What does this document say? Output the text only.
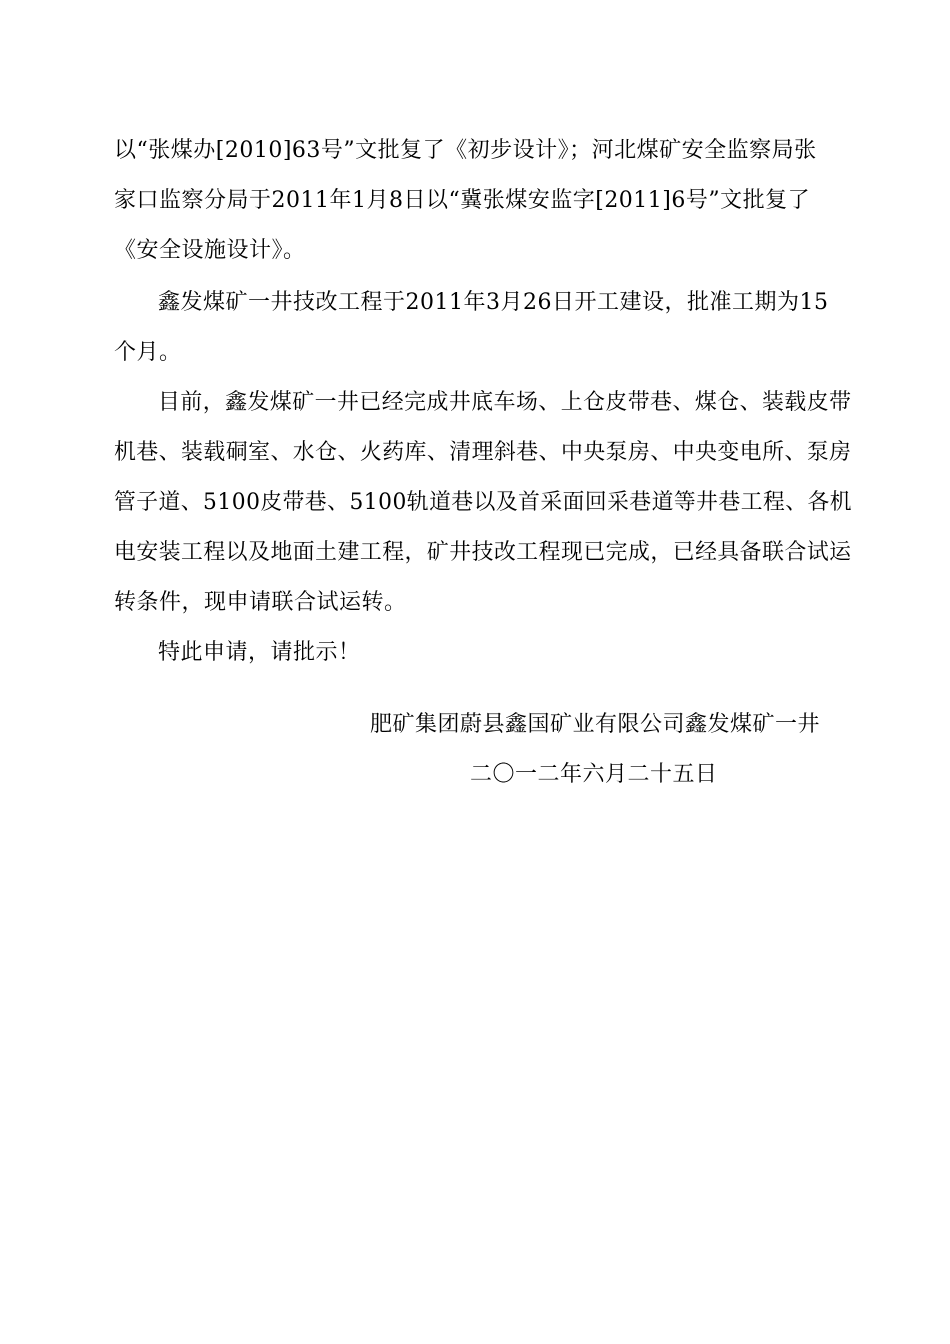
以“张煤办[2010]63号”文批复了《初步设计》；河北煤矿安全监察局张
家口监察分局于2011年1月8日以“冀张煤安监字[2011]6号”文批复了
《安全设施设计》。
鑫发煤矿一井技改工程于2011年3月26日开工建设，批准工期为15
个月。
目前，鑫发煤矿一井已经完成井底车场、上仓皮带巷、煤仓、装载皮带
机巷、装载硐室、水仓、火药库、清理斜巷、中央泵房、中央变电所、泵房
管子道、5100皮带巷、5100轨道巷以及首采面回采巷道等井巷工程、各机
电安装工程以及地面土建工程，矿井技改工程现已完成，已经具备联合试运
转条件，现申请联合试运转。
特此申请，请批示！
肥矿集团蔚县鑫国矿业有限公司鑫发煤矿一井
二〇一二年六月二十五日
